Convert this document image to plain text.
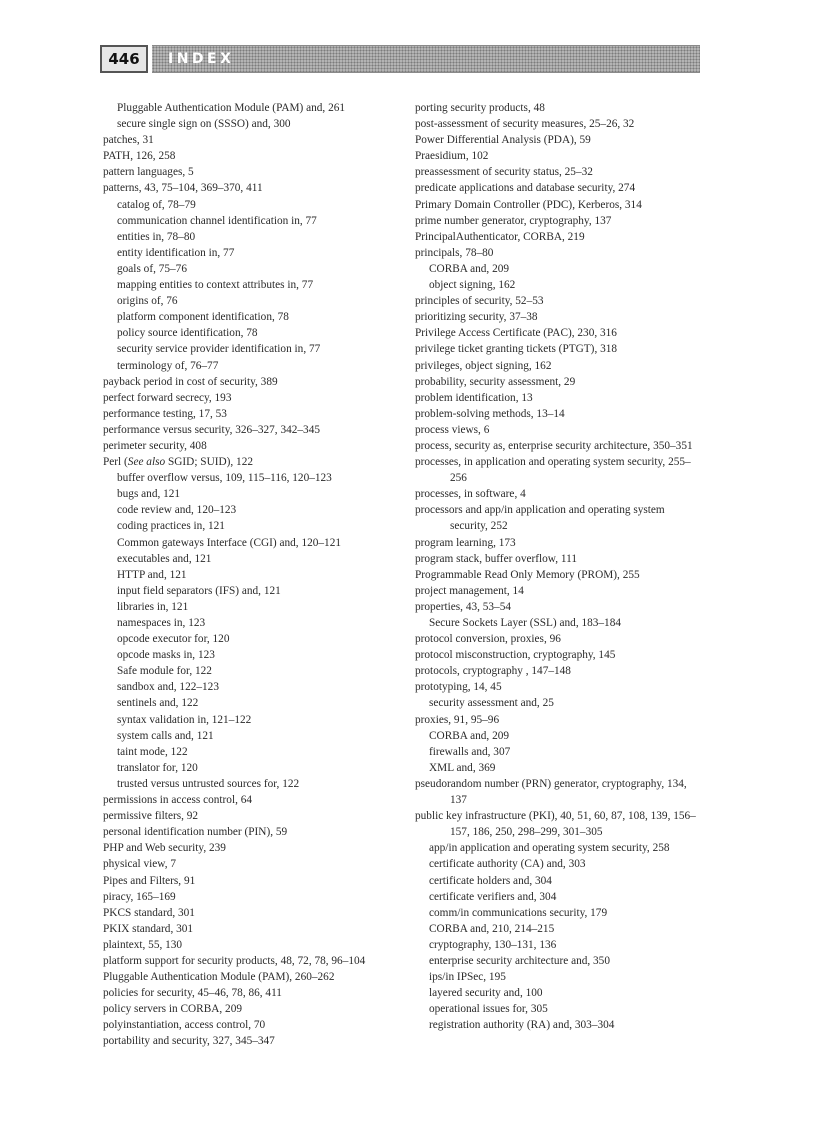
446	INDEX
Pluggable Authentication Module (PAM) and, 261
secure single sign on (SSSO) and, 300
patches, 31
PATH, 126, 258
pattern languages, 5
patterns, 43, 75–104, 369–370, 411
catalog of, 78–79
communication channel identification in, 77
entities in, 78–80
entity identification in, 77
goals of, 75–76
mapping entities to context attributes in, 77
origins of, 76
platform component identification, 78
policy source identification, 78
security service provider identification in, 77
terminology of, 76–77
payback period in cost of security, 389
perfect forward secrecy, 193
performance testing, 17, 53
performance versus security, 326–327, 342–345
perimeter security, 408
Perl (See also SGID; SUID), 122
buffer overflow versus, 109, 115–116, 120–123
bugs and, 121
code review and, 120–123
coding practices in, 121
Common gateways Interface (CGI) and, 120–121
executables and, 121
HTTP and, 121
input field separators (IFS) and, 121
libraries in, 121
namespaces in, 123
opcode executor for, 120
opcode masks in, 123
Safe module for, 122
sandbox and, 122–123
sentinels and, 122
syntax validation in, 121–122
system calls and, 121
taint mode, 122
translator for, 120
trusted versus untrusted sources for, 122
permissions in access control, 64
permissive filters, 92
personal identification number (PIN), 59
PHP and Web security, 239
physical view, 7
Pipes and Filters, 91
piracy, 165–169
PKCS standard, 301
PKIX standard, 301
plaintext, 55, 130
platform support for security products, 48, 72, 78, 96–104
Pluggable Authentication Module (PAM), 260–262
policies for security, 45–46, 78, 86, 411
policy servers in CORBA, 209
polyinstantiation, access control, 70
portability and security, 327, 345–347
porting security products, 48
post-assessment of security measures, 25–26, 32
Power Differential Analysis (PDA), 59
Praesidium, 102
preassessment of security status, 25–32
predicate applications and database security, 274
Primary Domain Controller (PDC), Kerberos, 314
prime number generator, cryptography, 137
PrincipalAuthenticator, CORBA, 219
principals, 78–80
CORBA and, 209
object signing, 162
principles of security, 52–53
prioritizing security, 37–38
Privilege Access Certificate (PAC), 230, 316
privilege ticket granting tickets (PTGT), 318
privileges, object signing, 162
probability, security assessment, 29
problem identification, 13
problem-solving methods, 13–14
process views, 6
process, security as, enterprise security architecture, 350–351
processes, in application and operating system security, 255–256
processes, in software, 4
processors and app/in application and operating system security, 252
program learning, 173
program stack, buffer overflow, 111
Programmable Read Only Memory (PROM), 255
project management, 14
properties, 43, 53–54
Secure Sockets Layer (SSL) and, 183–184
protocol conversion, proxies, 96
protocol misconstruction, cryptography, 145
protocols, cryptography , 147–148
prototyping, 14, 45
security assessment and, 25
proxies, 91, 95–96
CORBA and, 209
firewalls and, 307
XML and, 369
pseudorandom number (PRN) generator, cryptography, 134, 137
public key infrastructure (PKI), 40, 51, 60, 87, 108, 139, 156–157, 186, 250, 298–299, 301–305
app/in application and operating system security, 258
certificate authority (CA) and, 303
certificate holders and, 304
certificate verifiers and, 304
comm/in communications security, 179
CORBA and, 210, 214–215
cryptography, 130–131, 136
enterprise security architecture and, 350
ips/in IPSec, 195
layered security and, 100
operational issues for, 305
registration authority (RA) and, 303–304
